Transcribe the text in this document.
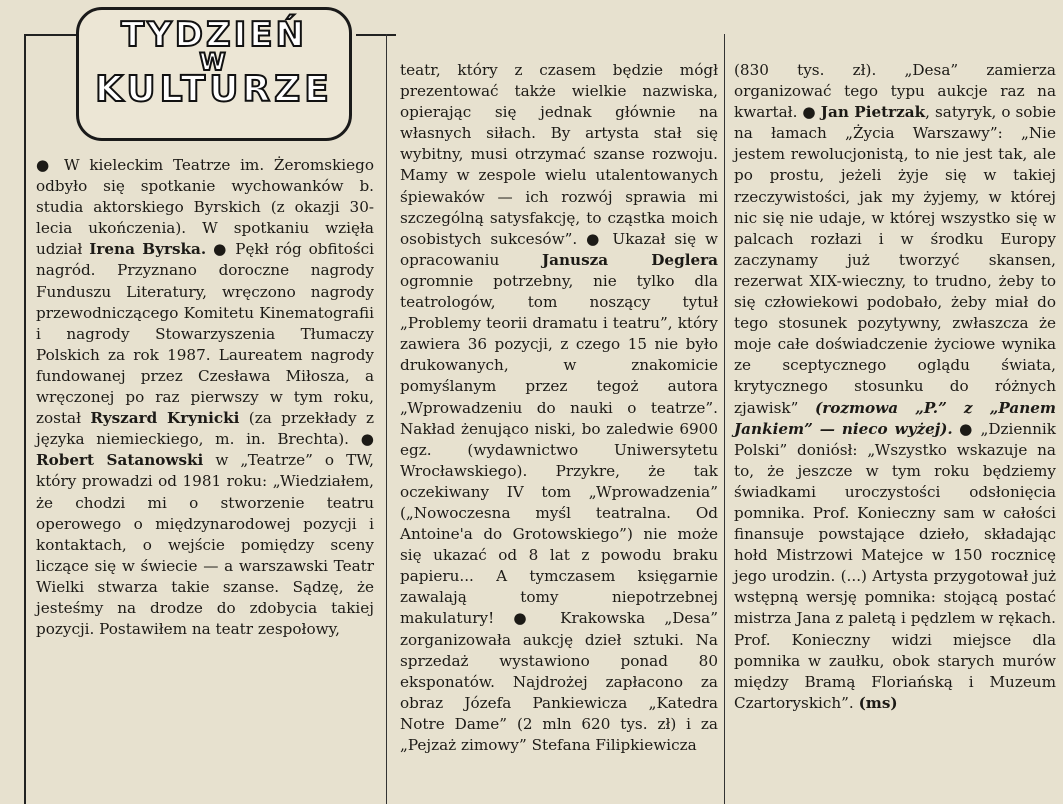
TYDZIEŃ
W
KULTURZE

● W kieleckim Teatrze im. Żeromskiego odbyło się spotkanie wychowanków b. studia aktorskiego Byrskich (z okazji 30-lecia ukończenia). W spotkaniu wzięła udział Irena Byrska. ● Pękł róg obfitości nagród. Przyznano doroczne nagrody Funduszu Literatury, wręczono nagrody przewodniczącego Komitetu Kinematografii i nagrody Stowarzyszenia Tłumaczy Polskich za rok 1987. Laureatem nagrody fundowanej przez Czesława Miłosza, a wręczonej po raz pierwszy w tym roku, został Ryszard Krynicki (za przekłady z języka niemieckiego, m. in. Brechta). ● Robert Satanowski w „Teatrze” o TW, który prowadzi od 1981 roku: „Wiedziałem, że chodzi mi o stworzenie teatru operowego o międzynarodowej pozycji i kontaktach, o wejście pomiędzy sceny liczące się w świecie — a warszawski Teatr Wielki stwarza takie szanse. Sądzę, że jesteśmy na drodze do zdobycia takiej pozycji. Postawiłem na teatr zespołowy,

teatr, który z czasem będzie mógł prezentować także wielkie nazwiska, opierając się jednak głównie na własnych siłach. By artysta stał się wybitny, musi otrzymać szanse rozwoju. Mamy w zespole wielu utalentowanych śpiewaków — ich rozwój sprawia mi szczególną satysfakcję, to cząstka moich osobistych sukcesów”. ● Ukazał się w opracowaniu Janusza Deglera ogromnie potrzebny, nie tylko dla teatrologów, tom noszący tytuł „Problemy teorii dramatu i teatru”, który zawiera 36 pozycji, z czego 15 nie było drukowanych, w znakomicie pomyślanym przez tegoż autora „Wprowadzeniu do nauki o teatrze”. Nakład żenująco niski, bo zaledwie 6900 egz. (wydawnictwo Uniwersytetu Wrocławskiego). Przykre, że tak oczekiwany IV tom „Wprowadzenia” („Nowoczesna myśl teatralna. Od Antoine'a do Grotowskiego”) nie może się ukazać od 8 lat z powodu braku papieru... A tymczasem księgarnie zawalają tomy niepotrzebnej makulatury! ● Krakowska „Desa” zorganizowała aukcję dzieł sztuki. Na sprzedaż wystawiono ponad 80 eksponatów. Najdrożej zapłacono za obraz Józefa Pankiewicza „Katedra Notre Dame” (2 mln 620 tys. zł) i za „Pejzaż zimowy” Stefana Filipkiewicza

(830 tys. zł). „Desa” zamierza organizować tego typu aukcje raz na kwartał. ● Jan Pietrzak, satyryk, o sobie na łamach „Życia Warszawy”: „Nie jestem rewolucjonistą, to nie jest tak, ale po prostu, jeżeli żyje się w takiej rzeczywistości, jak my żyjemy, w której nic się nie udaje, w której wszystko się w palcach rozłazi i w środku Europy zaczynamy już tworzyć skansen, rezerwat XIX-wieczny, to trudno, żeby to się człowiekowi podobało, żeby miał do tego stosunek pozytywny, zwłaszcza że moje całe doświadczenie życiowe wynika ze sceptycznego oglądu świata, krytycznego stosunku do różnych zjawisk” (rozmowa „P.” z „Panem Jankiem” — nieco wyżej). ● „Dziennik Polski” doniósł: „Wszystko wskazuje na to, że jeszcze w tym roku będziemy świadkami uroczystości odsłonięcia pomnika. Prof. Konieczny sam w całości finansuje powstające dzieło, składając hołd Mistrzowi Matejce w 150 rocznicę jego urodzin. (...) Artysta przygotował już wstępną wersję pomnika: stojącą postać mistrza Jana z paletą i pędzlem w rękach. Prof. Konieczny widzi miejsce dla pomnika w zaułku, obok starych murów między Bramą Floriańską i Muzeum Czartoryskich”. (ms)
